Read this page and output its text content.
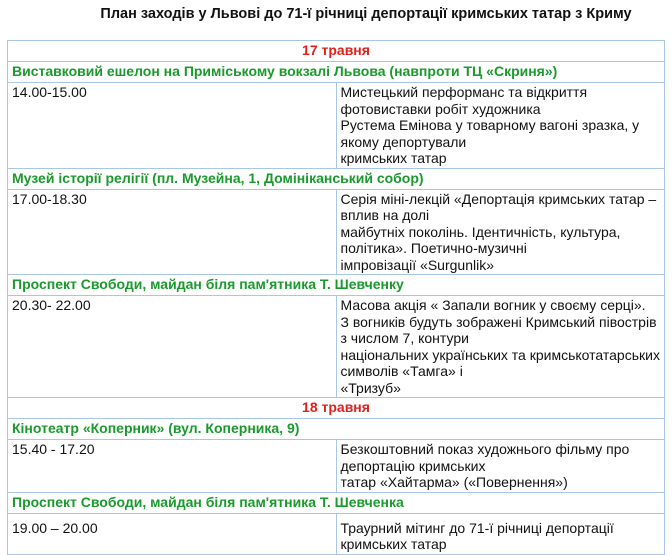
План заходів у Львові до 71-ї річниці депортації кримських татар з Криму
17 травня	
Виставковий ешелон на Приміському вокзалі Львова (навпроти ТЦ «Скриня»)	
14.00-15.00	Мистецький перформанс та відкриття фотовиставки робіт художника
Рустема Емінова у товарному вагоні зразка, у якому депортували
кримських татар

Музей історії релігії (пл. Музейна, 1, Домініканський собор)	
17.00-18.30	Серія міні-лекцій «Депортація кримських татар – вплив на долі
майбутніх поколінь. Ідентичність, культура, політика». Поетично-музичні
імпровізації «Surgunlik»

Проспект Свободи, майдан біля пам'ятника Т. Шевченку	
20.30- 22.00	Масова акція « Запали вогник у своєму серці».
З вогників будуть зображені Кримський півострів з числом 7, контури
національних українських та кримськотатарських символів «Тамга» і
«Тризуб»

18 травня	
Кінотеатр «Коперник» (вул. Коперника, 9)	
15.40 - 17.20	Безкоштовний показ художнього фільму про депортацію кримських
татар «Хайтарма» («Повернення»)

Проспект Свободи, майдан біля пам'ятника Т. Шевченка	
19.00 – 20.00	Траурний мітинг до 71-ї річниці депортації кримських татар
